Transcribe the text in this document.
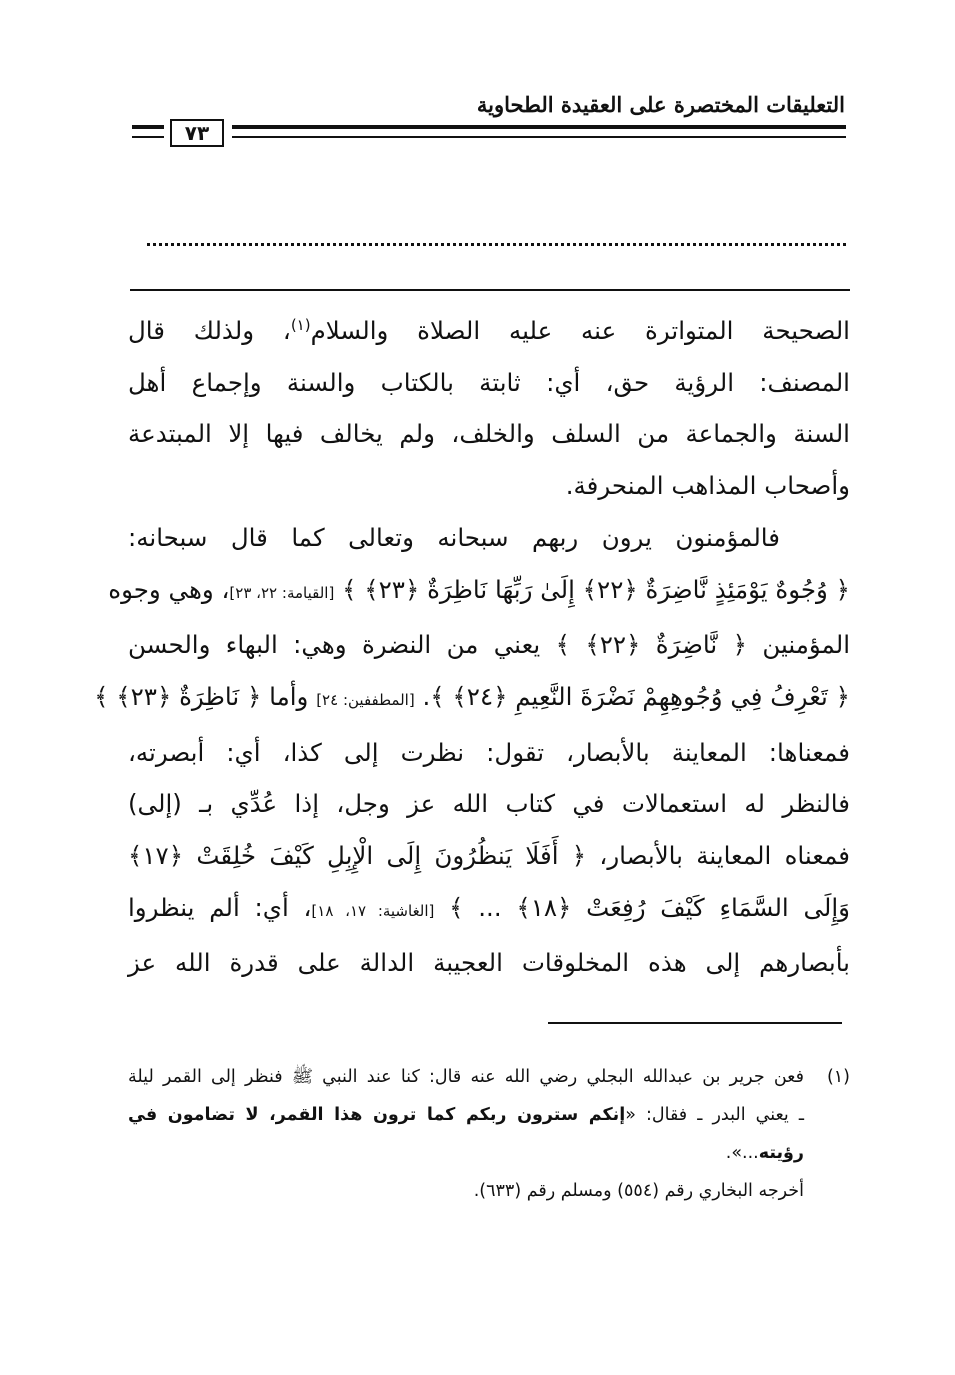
التعليقات المختصرة على العقيدة الطحاوية
٧٣
الصحيحة المتواترة عنه عليه الصلاة والسلام$^{(١)}$، ولذلك قال
المصنف: الرؤية حق، أي: ثابتة بالكتاب والسنة وإجماع أهل
السنة والجماعة من السلف والخلف، ولم يخالف فيها إلا المبتدعة
وأصحاب المذاهب المنحرفة.
فالمؤمنون يرون ربهم سبحانه وتعالى كما قال سبحانه:
﴿ وُجُوهٌ يَوْمَئِذٍ نَّاضِرَةٌ ﴿٢٢﴾ إِلَىٰ رَبِّهَا نَاظِرَةٌ ﴿٢٣﴾ ﴾ [القيامة: ٢٢، ٢٣]، وهي وجوه
المؤمنين ﴿ نَّاضِرَةٌ ﴿٢٢﴾ ﴾ يعني من النضرة وهي: البهاء والحسن
﴿ تَعْرِفُ فِي وُجُوهِهِمْ نَضْرَةَ النَّعِيمِ ﴿٢٤﴾ ﴾. [المطففين: ٢٤] وأما ﴿ نَاظِرَةٌ ﴿٢٣﴾ ﴾
فمعناها: المعاينة بالأبصار، تقول: نظرت إلى كذا، أي: أبصرته،
فالنظر له استعمالات في كتاب الله عز وجل، إذا عُدِّي بـ (إلى)
فمعناه المعاينة بالأبصار، ﴿ أَفَلَا يَنظُرُونَ إِلَى الْإِبِلِ كَيْفَ خُلِقَتْ ﴿١٧﴾
وَإِلَى السَّمَاءِ كَيْفَ رُفِعَتْ ﴿١٨﴾ ... ﴾ [الغاشية: ١٧، ١٨]، أي: ألم ينظروا
بأبصارهم إلى هذه المخلوقات العجيبة الدالة على قدرة الله عز
(١)
فعن جرير بن عبدالله البجلي رضي الله عنه قال: كنا عند النبي ﷺ فنظر إلى القمر ليلة
ـ يعني البدر ـ فقال: «إنكم سترون ربكم كما ترون هذا القمر، لا تضامون في
رؤيته...».
أخرجه البخاري رقم (٥٥٤) ومسلم رقم (٦٣٣).
